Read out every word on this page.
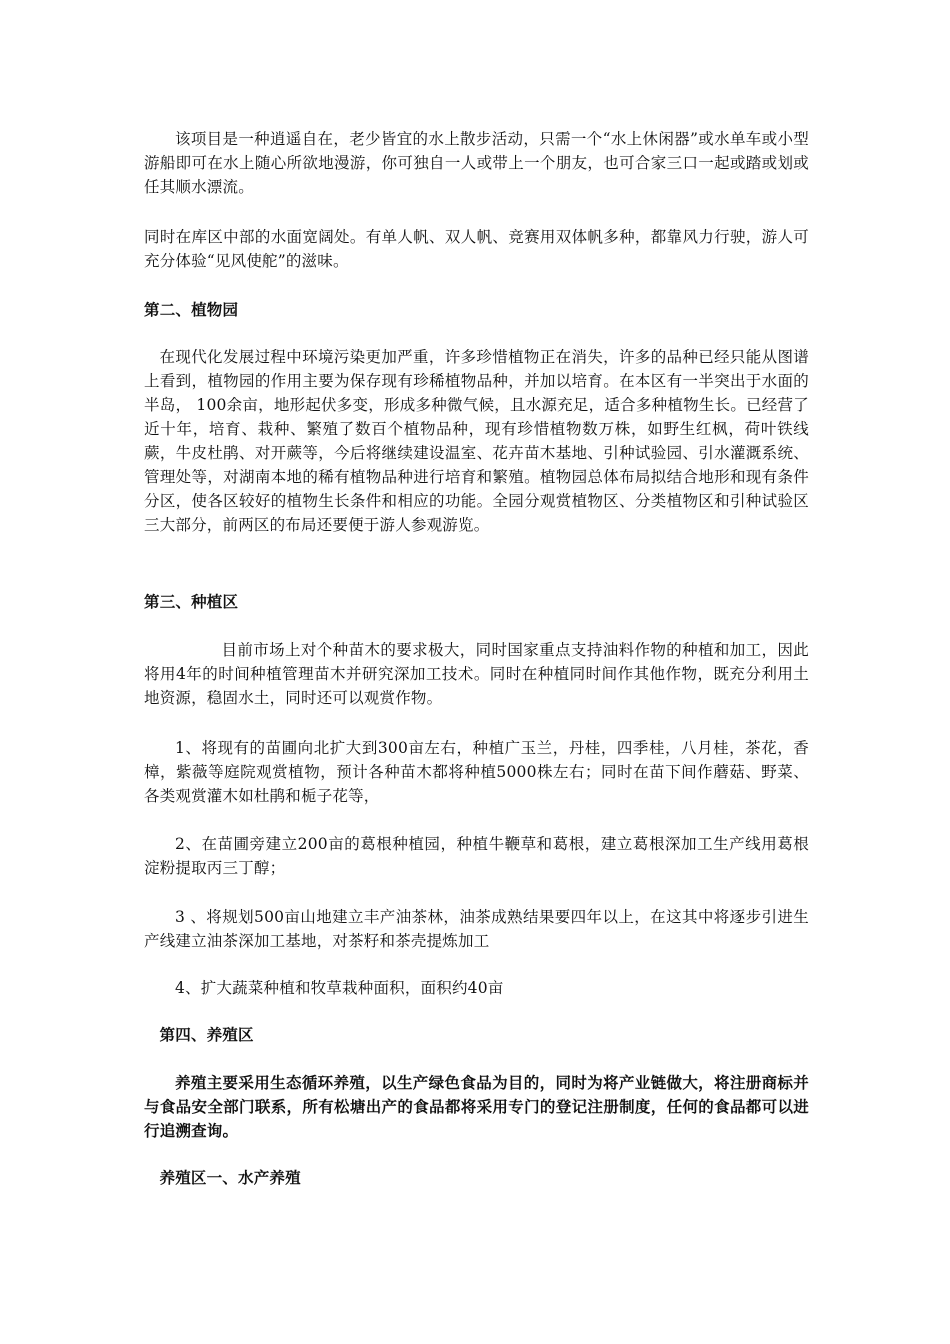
该项目是一种逍遥自在，老少皆宜的水上散步活动，只需一个“水上休闲器”或水单车或小型游船即可在水上随心所欲地漫游，你可独自一人或带上一个朋友，也可合家三口一起或踏或划或任其顺水漂流。

同时在库区中部的水面宽阔处。有单人帆、双人帆、竞赛用双体帆多种，都靠风力行驶，游人可充分体验“见风使舵”的滋味。

第二、植物园

在现代化发展过程中环境污染更加严重，许多珍惜植物正在消失，许多的品种已经只能从图谱上看到，植物园的作用主要为保存现有珍稀植物品种，并加以培育。在本区有一半突出于水面的半岛， 100余亩，地形起伏多变，形成多种微气候，且水源充足，适合多种植物生长。已经营了近十年，培育、栽种、繁殖了数百个植物品种，现有珍惜植物数万株，如野生红枫，荷叶铁线蕨，牛皮杜鹃、对开蕨等，今后将继续建设温室、花卉苗木基地、引种试验园、引水灌溉系统、管理处等，对湖南本地的稀有植物品种进行培育和繁殖。植物园总体布局拟结合地形和现有条件分区，使各区较好的植物生长条件和相应的功能。全园分观赏植物区、分类植物区和引种试验区三大部分，前两区的布局还要便于游人参观游览。

第三、种植区

目前市场上对个种苗木的要求极大，同时国家重点支持油料作物的种植和加工，因此将用4年的时间种植管理苗木并研究深加工技术。同时在种植同时间作其他作物，既充分利用土地资源，稳固水土，同时还可以观赏作物。

1、将现有的苗圃向北扩大到300亩左右，种植广玉兰，丹桂，四季桂，八月桂，茶花，香樟，紫薇等庭院观赏植物，预计各种苗木都将种植5000株左右；同时在苗下间作蘑菇、野菜、各类观赏灌木如杜鹃和栀子花等，

2、在苗圃旁建立200亩的葛根种植园，种植牛鞭草和葛根，建立葛根深加工生产线用葛根淀粉提取丙三丁醇；

3 、将规划500亩山地建立丰产油茶林，油茶成熟结果要四年以上，在这其中将逐步引进生产线建立油茶深加工基地，对茶籽和茶壳提炼加工

4、扩大蔬菜种植和牧草栽种面积，面积约40亩

第四、养殖区

养殖主要采用生态循环养殖，以生产绿色食品为目的，同时为将产业链做大，将注册商标并与食品安全部门联系，所有松塘出产的食品都将采用专门的登记注册制度，任何的食品都可以进行追溯查询。

养殖区一、水产养殖
